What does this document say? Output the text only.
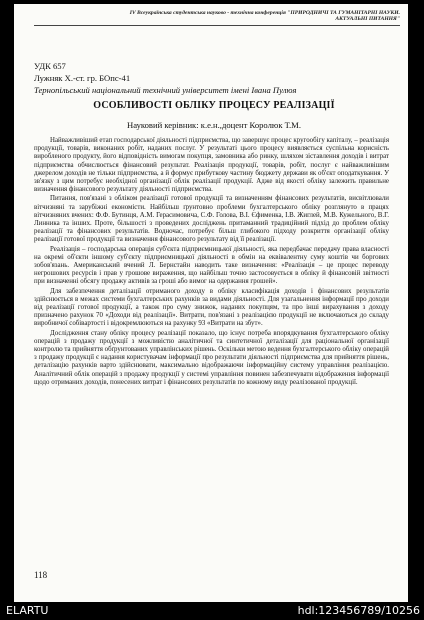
IV Всеукраїнська студентська науково - технічна конференція "ПРИРОДНИЧІ ТА ГУМАНІТАРНІ НАУКИ.
АКТУАЛЬНІ ПИТАННЯ"
УДК 657
Лужняк Х.-ст. гр. БОпс-41
Тернопільський національний технічний університет імені Івана Пулюя
ОСОБЛИВОСТІ ОБЛІКУ ПРОЦЕСУ РЕАЛІЗАЦІЇ
Науковий керівник: к.е.н.,доцент Королюк Т.М.

Найважливіший етап господарської діяльності підприємства, що завершує процес кругообігу капіталу, – реалізація продукції, товарів, виконаних робіт, наданих послуг. У результаті цього процесу виявляється суспільна корисність виробленого продукту, його відповідність вимогам покупця, замовника або ринку, шляхом зіставлення доходів і витрат підприємства обчислюється фінансовий результат. Реалізація продукції, товарів, робіт, послуг є найважливішим джерелом доходів не тільки підприємства, а й формує прибуткову частину бюджету держави як об'єкт оподаткування. У зв'язку з цим потребує необхідної організації облік реалізації продукції. Адже від якості обліку залежить правильне визначення фінансового результату діяльності підприємства.

Питання, пов'язані з обліком реалізації готової продукції та визначенням фінансових результатів, висвітлювали вітчизняні та зарубіжні економісти. Найбільш ґрунтовно проблеми бухгалтерського обліку розглянуто в працях вітчизняних вчених: Ф.Ф. Бутинця, А.М. Герасимовича, С.Ф. Голова, В.І. Єфименка, І.В. Жиглей, М.В. Кужельного, В.Г. Линника та інших. Проте, більшості з проведених досліджень притаманний традиційний підхід до проблем обліку реалізації та фінансових результатів. Водночас, потребує більш глибокого підходу розкриття організації обліку реалізації готової продукції та визначення фінансового результату від її реалізації.

Реалізація – господарська операція суб'єкта підприємницької діяльності, яка передбачає передачу права власності на окремі об'єкти іншому суб'єкту підприємницької діяльності в обмін на еквівалентну суму коштів чи боргових зобов'язань. Американський вчений Л. Бернстайн наводить таке визначення: «Реалізація – це процес переводу негрошових ресурсів і прав у грошове вираження, що найбільш точно застосовується в обліку й фінансовій звітності при визначенні обсягу продажу активів за гроші або вимог на одержання грошей».

Для забезпечення деталізації отриманого доходу в обліку класифікація доходів і фінансових результатів здійснюється в межах системи бухгалтерських рахунків за видами діяльності. Для узагальнення інформації про доходи від реалізації готової продукції, а також про суму знижок, наданих покупцям, та про інші вирахування з доходу призначено рахунок 70 «Доходи від реалізації». Витрати, пов'язані з реалізацією продукції не включаються до складу виробничої собівартості і відокремлюються на рахунку 93 «Витрати на збут».

Дослідження стану обліку процесу реалізації показало, що існує потреба впорядкування бухгалтерського обліку операцій з продажу продукції з можливістю аналітичної та синтетичної деталізації для раціональної організації контролю та прийняття обґрунтованих управлінських рішень. Оскільки метою ведення бухгалтерського обліку операцій з продажу продукції є надання користувачам інформації про результати діяльності підприємства для прийняття рішень, деталізацію рахунків варто здійснювати, максимально відображаючи інформаційну систему управління реалізацією. Аналітичний облік операцій з продажу продукції у системі управління повинен забезпечувати відображення інформації щодо отриманих доходів, понесених витрат і фінансових результатів по кожному виду реалізованої продукції.

118
ELARTU	hdl:123456789/10256
